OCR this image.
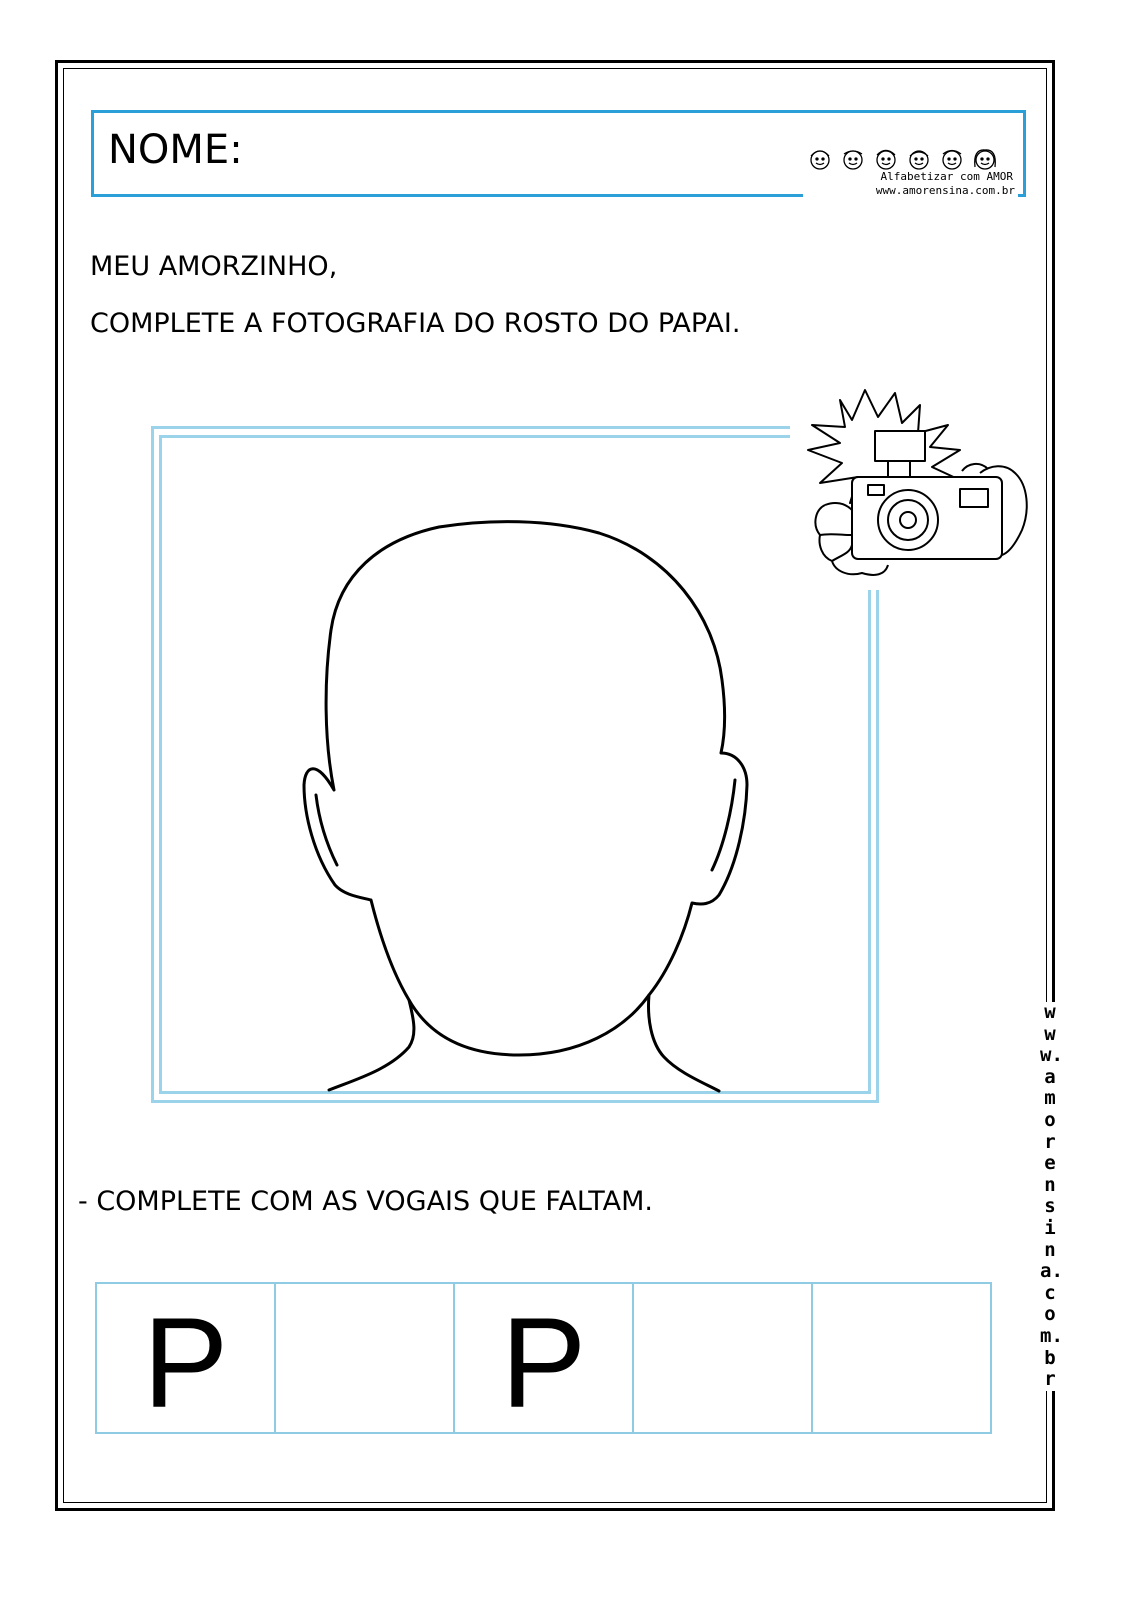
NOME:
Alfabetizar com AMOR
www.amorensina.com.br
MEU AMORZINHO,
COMPLETE A FOTOGRAFIA DO ROSTO DO PAPAI.
- COMPLETE COM AS VOGAIS QUE FALTAM.
P P
www.amorensina.com.br
